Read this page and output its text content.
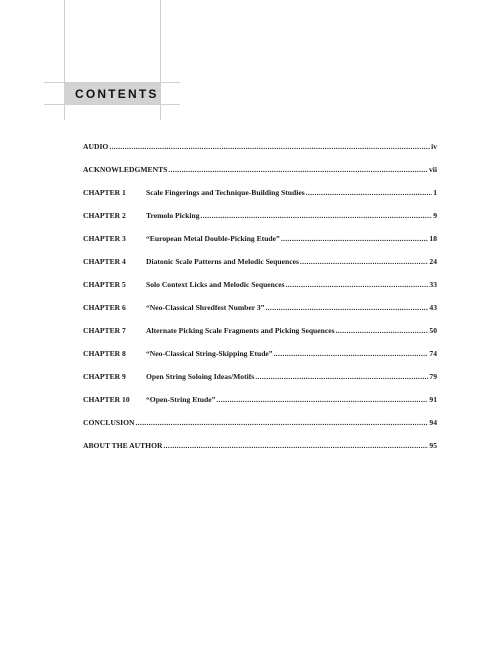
CONTENTS
AUDIO .....	iv
ACKNOWLEDGMENTS .....	vii
CHAPTER 1	Scale Fingerings and Technique-Building Studies .....	1
CHAPTER 2	Tremolo Picking .....	9
CHAPTER 3	“European Metal Double-Picking Etude” .....	18
CHAPTER 4	Diatonic Scale Patterns and Melodic Sequences .....	24
CHAPTER 5	Solo Context Licks and Melodic Sequences .....	33
CHAPTER 6	“Neo-Classical Shredfest Number 3” .....	43
CHAPTER 7	Alternate Picking Scale Fragments and Picking Sequences .....	50
CHAPTER 8	“Neo-Classical String-Skipping Etude” .....	74
CHAPTER 9	Open String Soloing Ideas/Motifs .....	79
CHAPTER 10	“Open-String Etude” .....	91
CONCLUSION .....	94
ABOUT THE AUTHOR .....	95
